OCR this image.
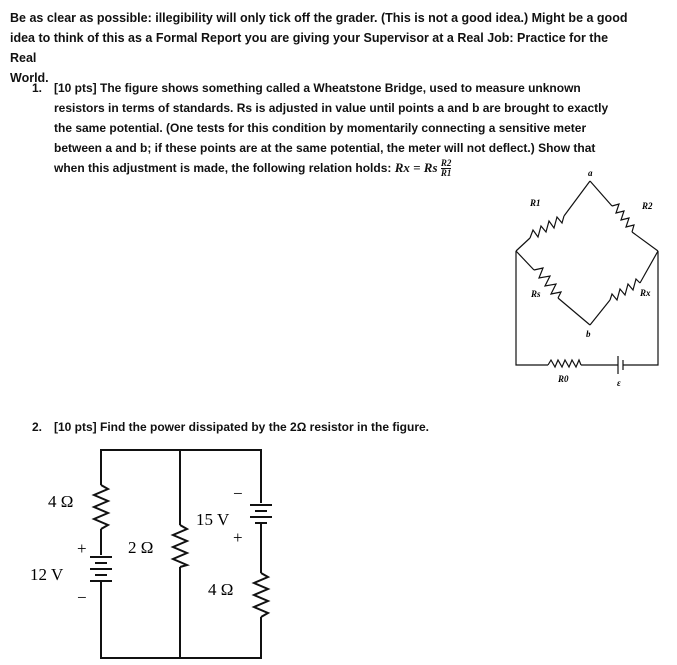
Be as clear as possible: illegibility will only tick off the grader. (This is not a good idea.) Might be a good
idea to think of this as a Formal Report you are giving your Supervisor at a Real Job: Practice for the Real
World.
1. [10 pts] The figure shows something called a Wheatstone Bridge, used to measure unknown
resistors in terms of standards. Rs is adjusted in value until points a and b are brought to exactly
the same potential. (One tests for this condition by momentarily connecting a sensitive meter
between a and b; if these points are at the same potential, the meter will not deflect.) Show that
when this adjustment is made, the following relation holds: Rx = Rs $\frac{R2}{R1}$	a
b
R1	R2
Rs	Rx
R0	ε
2. [10 pts] Find the power dissipated by the 2Ω resistor in the figure.
4 Ω
2 Ω
4 Ω
12 V
15 V
+
−
+
−
